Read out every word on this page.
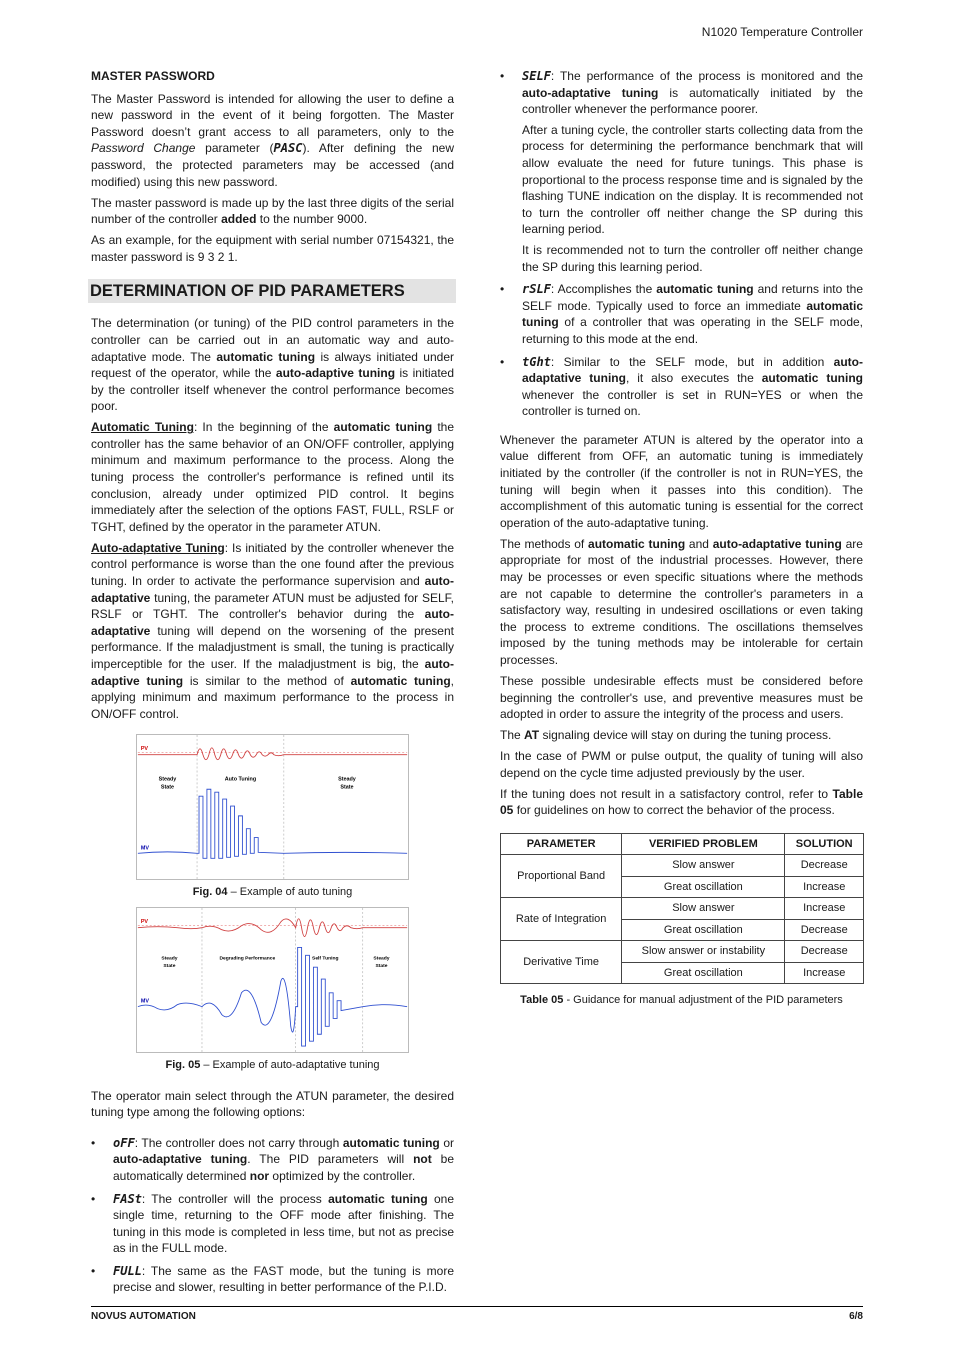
N1020 Temperature Controller
MASTER PASSWORD

The Master Password is intended for allowing the user to define a new password in the event of it being forgotten. The Master Password doesn’t grant access to all parameters, only to the Password Change parameter (PASC). After defining the new password, the protected parameters may be accessed (and modified) using this new password.

The master password is made up by the last three digits of the serial number of the controller added to the number 9000.

As an example, for the equipment with serial number 07154321, the master password is 9 3 2 1.

DETERMINATION OF PID PARAMETERS

The determination (or tuning) of the PID control parameters in the controller can be carried out in an automatic way and auto-adaptative mode. The automatic tuning is always initiated under request of the operator, while the auto-adaptive tuning is initiated by the controller itself whenever the control performance becomes poor.

Automatic Tuning: In the beginning of the automatic tuning the controller has the same behavior of an ON/OFF controller, applying minimum and maximum performance to the process. Along the tuning process the controller's performance is refined until its conclusion, already under optimized PID control. It begins immediately after the selection of the options FAST, FULL, RSLF or TGHT, defined by the operator in the parameter ATUN.

Auto-adaptative Tuning: Is initiated by the controller whenever the control performance is worse than the one found after the previous tuning. In order to activate the performance supervision and auto-adaptative tuning, the parameter ATUN must be adjusted for SELF, RSLF or TGHT. The controller's behavior during the auto-adaptative tuning will depend on the worsening of the present performance. If the maladjustment is small, the tuning is practically imperceptible for the user. If the maladjustment is big, the auto-adaptive tuning is similar to the method of automatic tuning, applying minimum and maximum performance to the process in ON/OFF control.

PV
MV
Steady
State
Auto Tuning	Steady
State
Fig. 04 – Example of auto tuning
PV
MV
Steady
State
Degrading Performance	Self Tuning	Steady
State
Fig. 05 – Example of auto-adaptative tuning

The operator main select through the ATUN parameter, the desired tuning type among the following options:

• oFF: The controller does not carry through automatic tuning or auto-adaptative tuning. The PID parameters will not be automatically determined nor optimized by the controller.

• FASt: The controller will the process automatic tuning one single time, returning to the OFF mode after finishing. The tuning in this mode is completed in less time, but not as precise as in the FULL mode.

• FULL: The same as the FAST mode, but the tuning is more precise and slower, resulting in better performance of the P.I.D.

• SELF: The performance of the process is monitored and the auto-adaptative tuning is automatically initiated by the controller whenever the performance poorer.

After a tuning cycle, the controller starts collecting data from the process for determining the performance benchmark that will allow evaluate the need for future tunings. This phase is proportional to the process response time and is signaled by the flashing TUNE indication on the display. It is recommended not to turn the controller off neither change the SP during this learning period.

It is recommended not to turn the controller off neither change the SP during this learning period.

• rSLF: Accomplishes the automatic tuning and returns into the SELF mode. Typically used to force an immediate automatic tuning of a controller that was operating in the SELF mode, returning to this mode at the end.

• tGht: Similar to the SELF mode, but in addition auto-adaptative tuning, it also executes the automatic tuning whenever the controller is set in RUN=YES or when the controller is turned on.

Whenever the parameter ATUN is altered by the operator into a value different from OFF, an automatic tuning is immediately initiated by the controller (if the controller is not in RUN=YES, the tuning will begin when it passes into this condition). The accomplishment of this automatic tuning is essential for the correct operation of the auto-adaptative tuning.

The methods of automatic tuning and auto-adaptative tuning are appropriate for most of the industrial processes. However, there may be processes or even specific situations where the methods are not capable to determine the controller's parameters in a satisfactory way, resulting in undesired oscillations or even taking the process to extreme conditions. The oscillations themselves imposed by the tuning methods may be intolerable for certain processes.

These possible undesirable effects must be considered before beginning the controller's use, and preventive measures must be adopted in order to assure the integrity of the process and users.

The AT signaling device will stay on during the tuning process.

In the case of PWM or pulse output, the quality of tuning will also depend on the cycle time adjusted previously by the user.

If the tuning does not result in a satisfactory control, refer to Table 05 for guidelines on how to correct the behavior of the process.

PARAMETER	VERIFIED PROBLEM	SOLUTION
Proportional Band	Slow answer	Decrease
	Great oscillation	Increase
Rate of Integration	Slow answer	Increase
	Great oscillation	Decrease
Derivative Time	Slow answer or instability	Decrease
	Great oscillation	Increase
Table 05 - Guidance for manual adjustment of the PID parameters
NOVUS AUTOMATION	6/8
